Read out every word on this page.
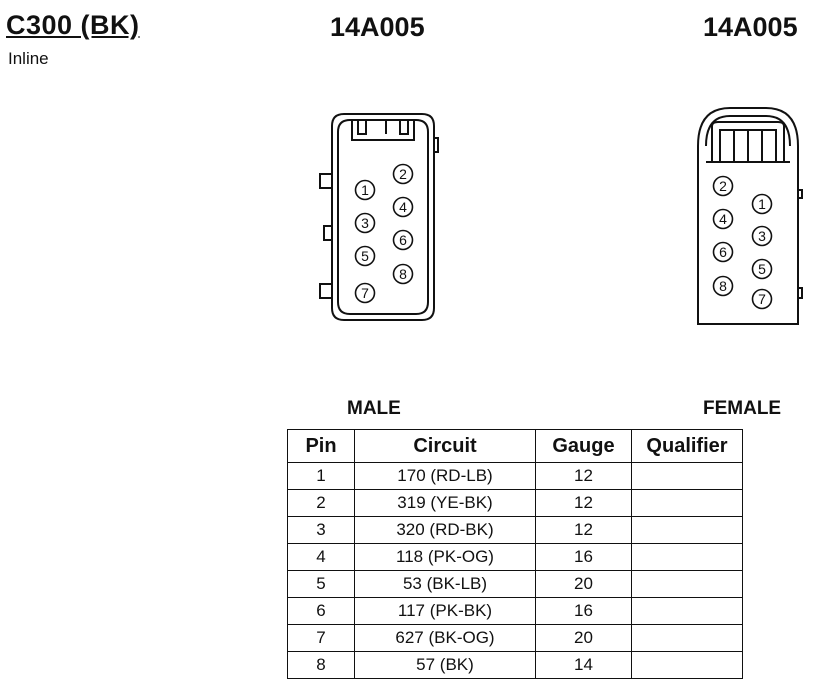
C300 (BK)
Inline
14A005	14A005
1
2
3
4
5
6
7
8
1
2
3
4
5
6
7
8
MALE	FEMALE
Pin	Circuit	Gauge	Qualifier
1	170 (RD-LB)	12	
2	319 (YE-BK)	12	
3	320 (RD-BK)	12	
4	118 (PK-OG)	16	
5	53 (BK-LB)	20	
6	117 (PK-BK)	16	
7	627 (BK-OG)	20	
8	57 (BK)	14	
